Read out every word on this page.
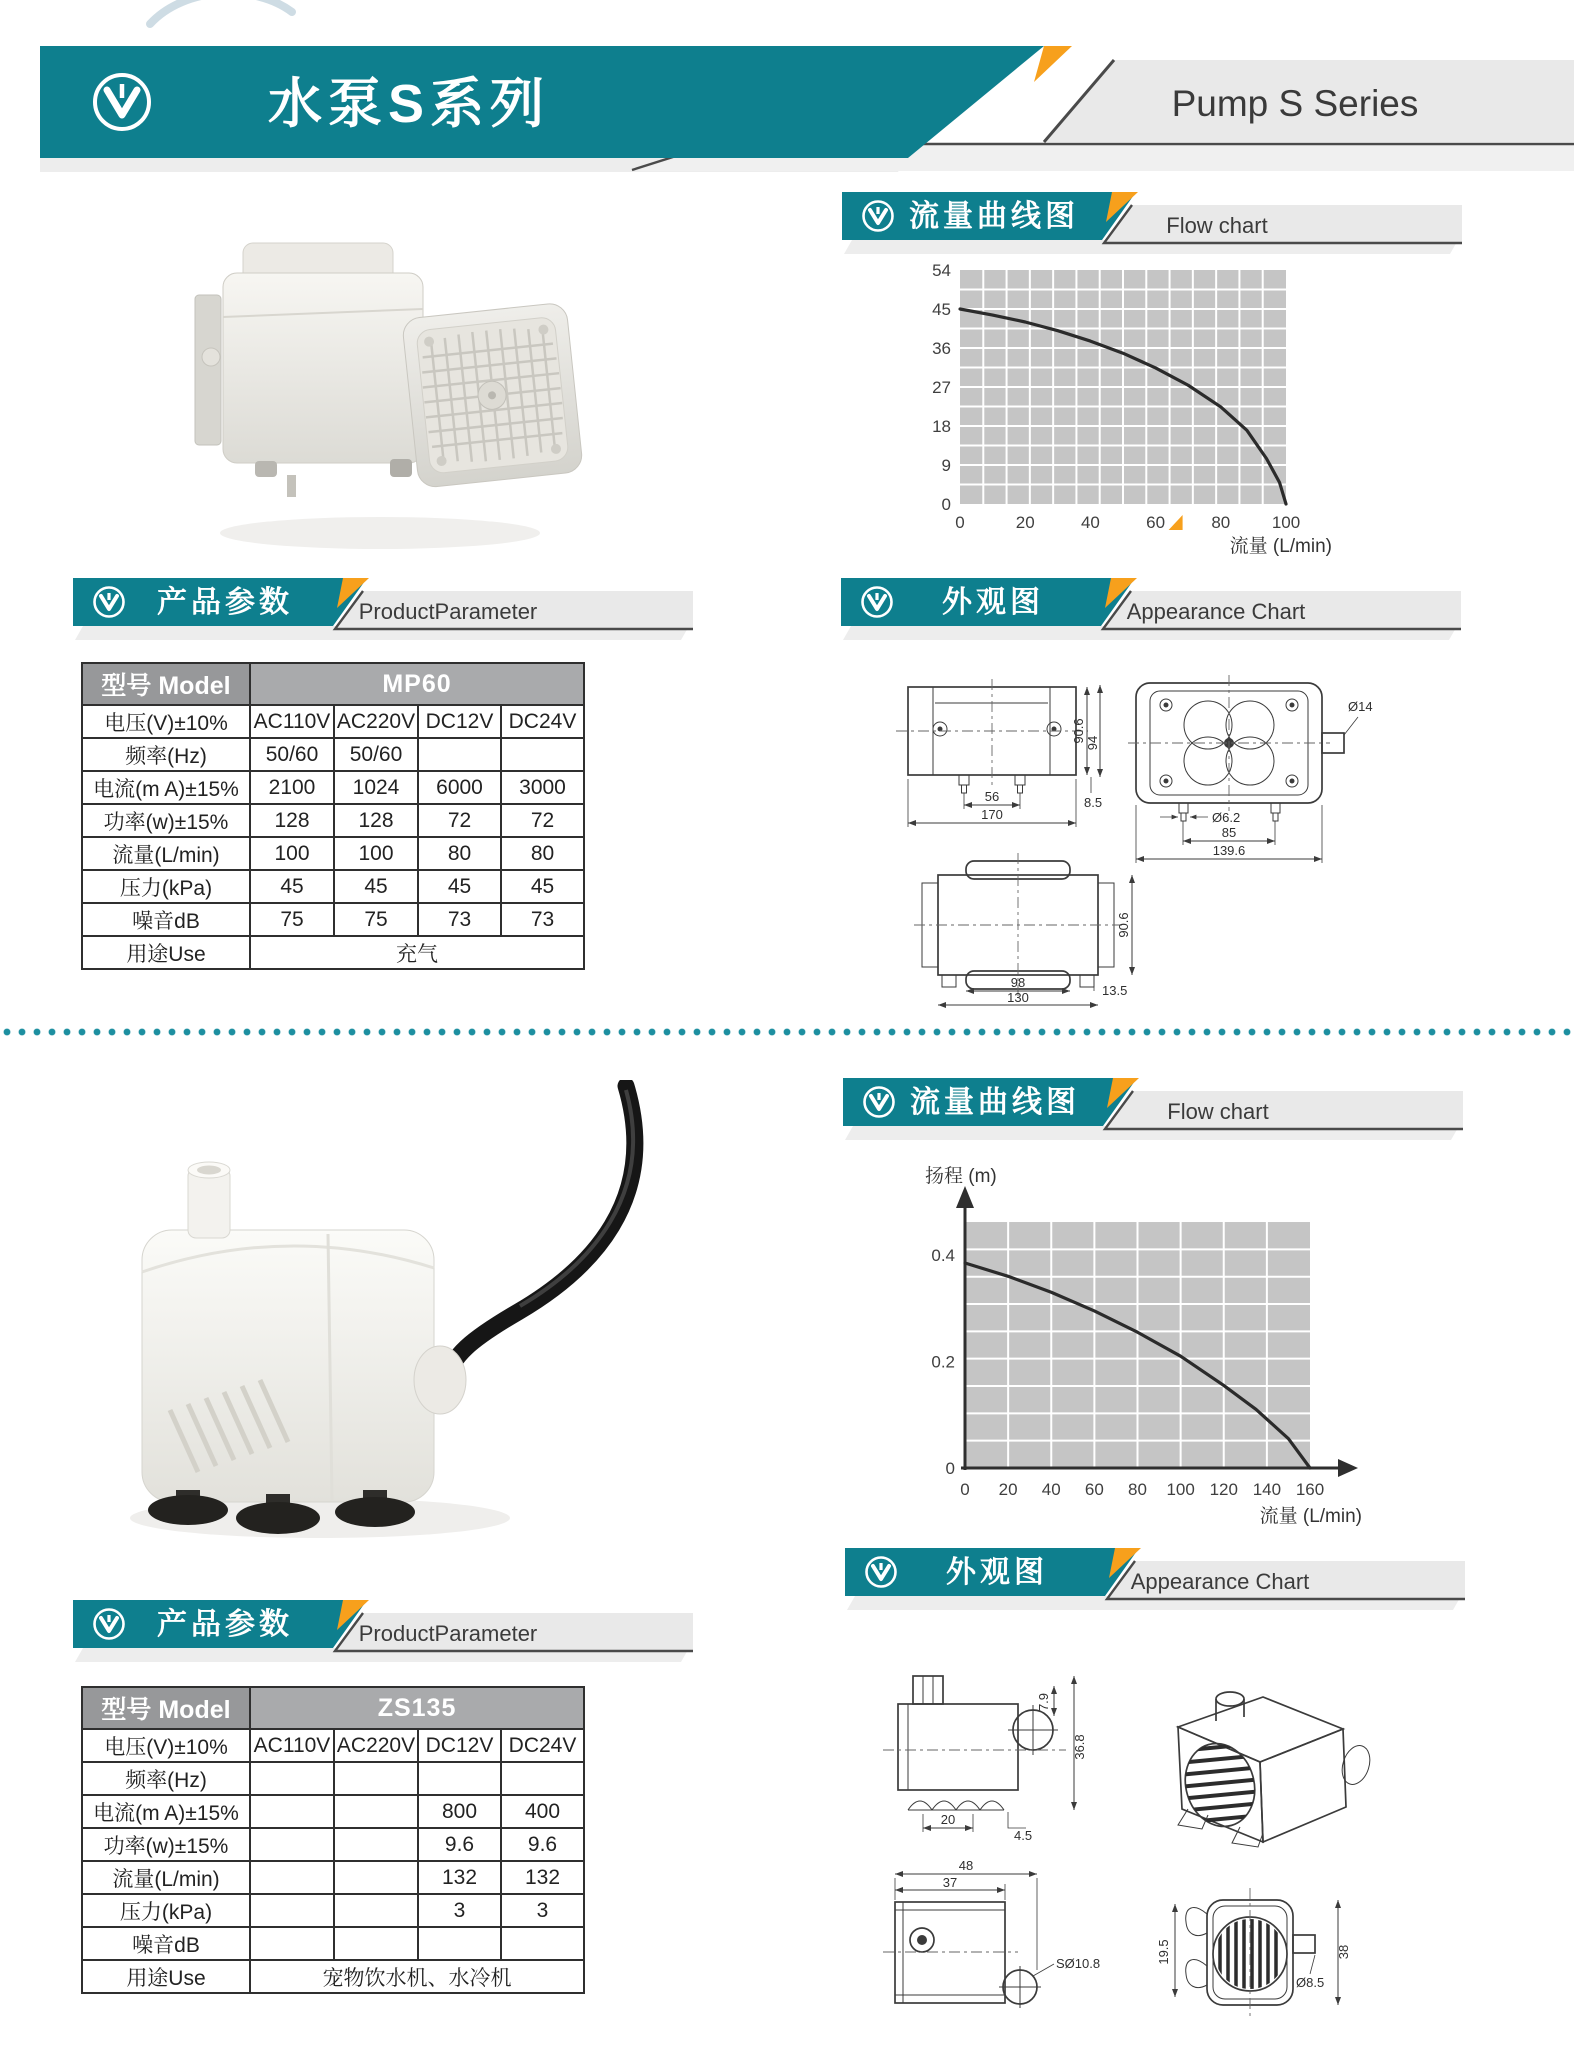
水泵S系列	Pump S Series
流量曲线图	Flow chart
54
45
36
27
18
9
0
0	20	40	60	80 100
流量 (L/min)
产品参数	ProductParameter
型号 Model	MP60			
电压(V)±10%	AC110V	AC220V	DC12V	DC24V
频率(Hz)	50/60	50/60		
电流(m A)±15%	2100	1024	6000	3000
功率(w)±15%	128	128	72	72
流量(L/min)	100	100	80	80
压力(kPa)	45	45	45	45
噪音dB	75	75	73	73
用途Use	充气			
外观图	Appearance Chart
56
170
90.6 94
8.5
Ø14
Ø6.2
85
139.6
90.6
98
130	13.5
流量曲线图	Flow chart
0.4
0.2
0
0 20 40 60 80 100 120 140 160
扬程 (m)
流量 (L/min)
外观图	Appearance Chart
产品参数	ProductParameter
型号 Model	ZS135			
电压(V)±10%	AC110V	AC220V	DC12V	DC24V
频率(Hz)				
电流(m A)±15%			800	400
功率(w)±15%			9.6	9.6
流量(L/min)			132	132
压力(kPa)			3	3
噪音dB				
用途Use	宠物饮水机、水冷机			
7.9
36.8
20
4.5
SØ10.8
48
37
19.5	38
Ø8.5
